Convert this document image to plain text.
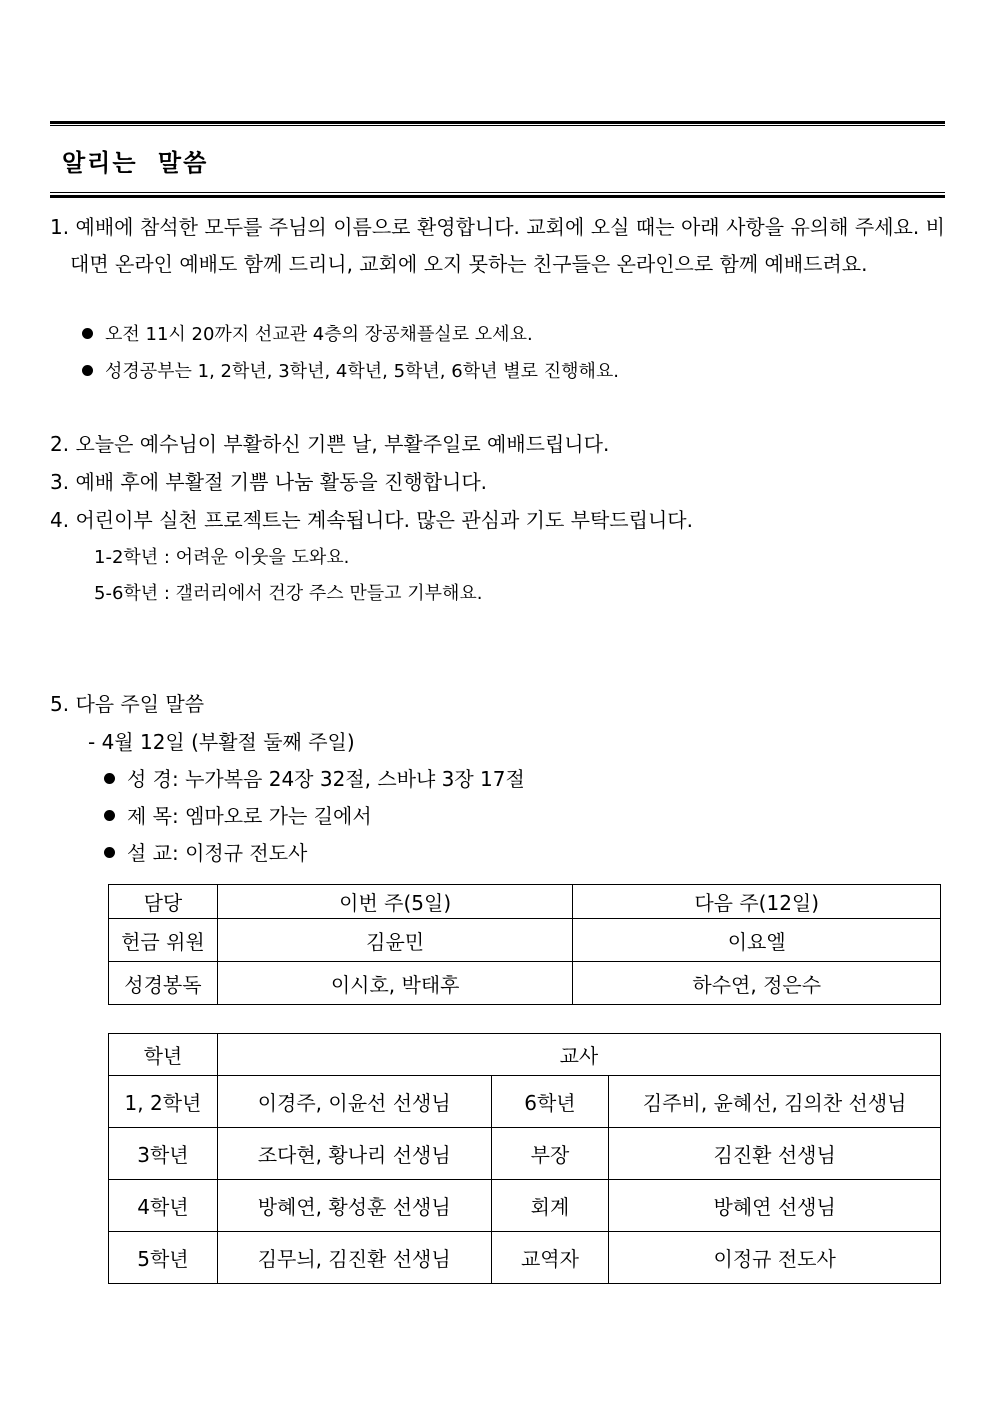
알리는 말씀
1. 예배에 참석한 모두를 주님의 이름으로 환영합니다. 교회에 오실 때는 아래 사항을 유의해 주세요. 비대면 온라인 예배도 함께 드리니, 교회에 오지 못하는 친구들은 온라인으로 함께 예배드려요.
오전 11시 20까지 선교관 4층의 장공채플실로 오세요.
성경공부는 1, 2학년, 3학년, 4학년, 5학년, 6학년 별로 진행해요.
2. 오늘은 예수님이 부활하신 기쁜 날, 부활주일로 예배드립니다.
3. 예배 후에 부활절 기쁨 나눔 활동을 진행합니다.
4. 어린이부 실천 프로젝트는 계속됩니다. 많은 관심과 기도 부탁드립니다.
1-2학년 : 어려운 이웃을 도와요.
5-6학년 : 갤러리에서 건강 주스 만들고 기부해요.
5. 다음 주일 말씀
- 4월 12일 (부활절 둘째 주일)
성 경: 누가복음 24장 32절, 스바냐 3장 17절
제 목: 엠마오로 가는 길에서
설 교: 이정규 전도사
담당	이번 주(5일)	다음 주(12일)
헌금 위원	김윤민	이요엘
성경봉독	이시호, 박태후	하수연, 정은수
학년	교사		
1, 2학년	이경주, 이윤선 선생님	6학년	김주비, 윤혜선, 김의찬 선생님
3학년	조다현, 황나리 선생님	부장	김진환 선생님
4학년	방혜연, 황성훈 선생님	회계	방혜연 선생님
5학년	김무늬, 김진환 선생님	교역자	이정규 전도사
